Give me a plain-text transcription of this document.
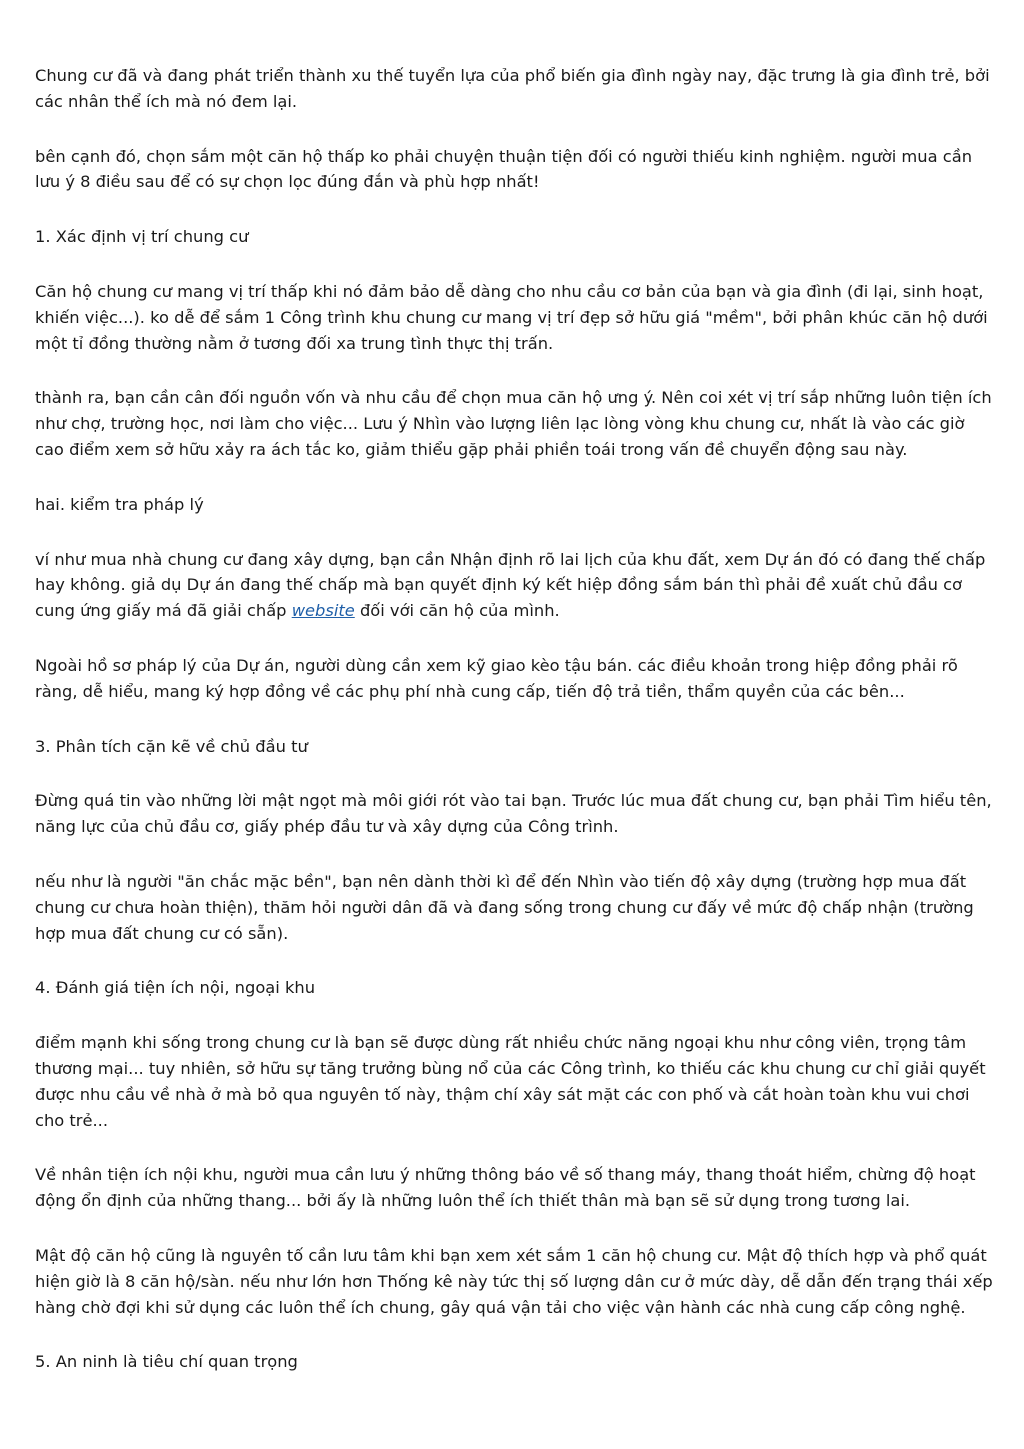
Chung cư đã và đang phát triển thành xu thế tuyển lựa của phổ biến gia đình ngày nay, đặc trưng là gia đình trẻ, bởi các nhân thể ích mà nó đem lại.

bên cạnh đó, chọn sắm một căn hộ thấp ko phải chuyện thuận tiện đối có người thiếu kinh nghiệm. người mua cần lưu ý 8 điều sau để có sự chọn lọc đúng đắn và phù hợp nhất!

1. Xác định vị trí chung cư

Căn hộ chung cư mang vị trí thấp khi nó đảm bảo dễ dàng cho nhu cầu cơ bản của bạn và gia đình (đi lại, sinh hoạt, khiến việc...). ko dễ để sắm 1 Công trình khu chung cư mang vị trí đẹp sở hữu giá "mềm", bởi phân khúc căn hộ dưới một tỉ đồng thường nằm ở tương đối xa trung tình thực thị trấn.

thành ra, bạn cần cân đối nguồn vốn và nhu cầu để chọn mua căn hộ ưng ý. Nên coi xét vị trí sắp những luôn tiện ích như chợ, trường học, nơi làm cho việc... Lưu ý Nhìn vào lượng liên lạc lòng vòng khu chung cư, nhất là vào các giờ cao điểm xem sở hữu xảy ra ách tắc ko, giảm thiểu gặp phải phiền toái trong vấn đề chuyển động sau này.

hai. kiểm tra pháp lý

ví như mua nhà chung cư đang xây dựng, bạn cần Nhận định rõ lai lịch của khu đất, xem Dự án đó có đang thế chấp hay không. giả dụ Dự án đang thế chấp mà bạn quyết định ký kết hiệp đồng sắm bán thì phải đề xuất chủ đầu cơ cung ứng giấy má đã giải chấp website đối với căn hộ của mình.

Ngoài hồ sơ pháp lý của Dự án, người dùng cần xem kỹ giao kèo tậu bán. các điều khoản trong hiệp đồng phải rõ ràng, dễ hiểu, mang ký hợp đồng về các phụ phí nhà cung cấp, tiến độ trả tiền, thẩm quyền của các bên...

3. Phân tích cặn kẽ về chủ đầu tư

Đừng quá tin vào những lời mật ngọt mà môi giới rót vào tai bạn. Trước lúc mua đất chung cư, bạn phải Tìm hiểu tên, năng lực của chủ đầu cơ, giấy phép đầu tư và xây dựng của Công trình.

nếu như là người "ăn chắc mặc bền", bạn nên dành thời kì để đến Nhìn vào tiến độ xây dựng (trường hợp mua đất chung cư chưa hoàn thiện), thăm hỏi người dân đã và đang sống trong chung cư đấy về mức độ chấp nhận (trường hợp mua đất chung cư có sẵn).

4. Đánh giá tiện ích nội, ngoại khu

điểm mạnh khi sống trong chung cư là bạn sẽ được dùng rất nhiều chức năng ngoại khu như công viên, trọng tâm thương mại... tuy nhiên, sở hữu sự tăng trưởng bùng nổ của các Công trình, ko thiếu các khu chung cư chỉ giải quyết được nhu cầu về nhà ở mà bỏ qua nguyên tố này, thậm chí xây sát mặt các con phố và cắt hoàn toàn khu vui chơi cho trẻ...

Về nhân tiện ích nội khu, người mua cần lưu ý những thông báo về số thang máy, thang thoát hiểm, chừng độ hoạt động ổn định của những thang... bởi ấy là những luôn thể ích thiết thân mà bạn sẽ sử dụng trong tương lai.

Mật độ căn hộ cũng là nguyên tố cần lưu tâm khi bạn xem xét sắm 1 căn hộ chung cư. Mật độ thích hợp và phổ quát hiện giờ là 8 căn hộ/sàn. nếu như lớn hơn Thống kê này tức thị số lượng dân cư ở mức dày, dễ dẫn đến trạng thái xếp hàng chờ đợi khi sử dụng các luôn thể ích chung, gây quá vận tải cho việc vận hành các nhà cung cấp công nghệ.

5. An ninh là tiêu chí quan trọng
